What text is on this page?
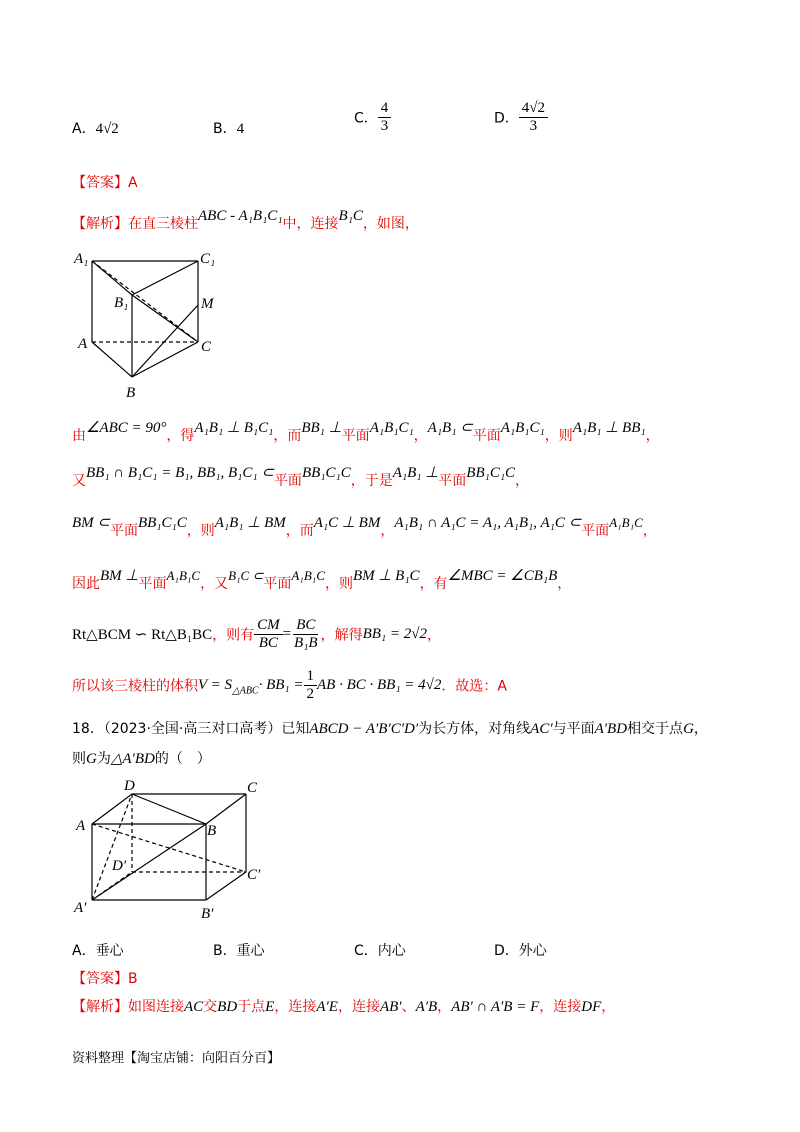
A．4√2	B．4
C． $\frac{4}{3}$	D． $\frac{4√2}{3}$
【答案】A
【解析】在直三棱柱ABC - A₁B₁C₁中，连接B₁C，如图，
A₁	C₁
B₁	M
A	C
B
由∠ABC = 90°，得A₁B₁ ⊥ B₁C₁，而BB₁ ⊥平面A₁B₁C₁，A₁B₁ ⊂平面A₁B₁C₁，则A₁B₁ ⊥ BB₁，
又BB₁ ∩ B₁C₁ = B₁, BB₁, B₁C₁ ⊂平面BB₁C₁C，于是A₁B₁ ⊥平面BB₁C₁C，
BM ⊂平面BB₁C₁C，则A₁B₁ ⊥ BM，而A₁C ⊥ BM，A₁B₁ ∩ A₁C = A₁, A₁B₁, A₁C ⊂平面A₁B₁C，
因此BM ⊥平面A₁B₁C，又B₁C ⊂平面A₁B₁C，则BM ⊥ B₁C，有∠MBC = ∠CB₁B，
Rt△BCM ∽ Rt△B₁BC，则有 $\frac{CM}{BC} = \frac{BC}{\text{B₁B}}$ ，解得BB₁ = 2√2，
所以该三棱柱的体积$V = S_{\triangle ABC}\cdot BB_1 = \frac{1}{2}$ AB · BC · BB₁ = 4√2．故选：A
18．（2023·全国·高三对口高考）已知ABCD − A′B′C′D′为长方体，对角线AC′与平面A′BD相交于点G，
则G为△A′BD的（　）
D	C
A	B
D′
C′
A′	B′
A．垂心	B．重心	C．内心	D．外心
【答案】B
【解析】如图连接AC交BD于点E，连接A′E，连接AB′、A′B，AB′ ∩ A′B = F，连接DF，
资料整理【淘宝店铺：向阳百分百】
